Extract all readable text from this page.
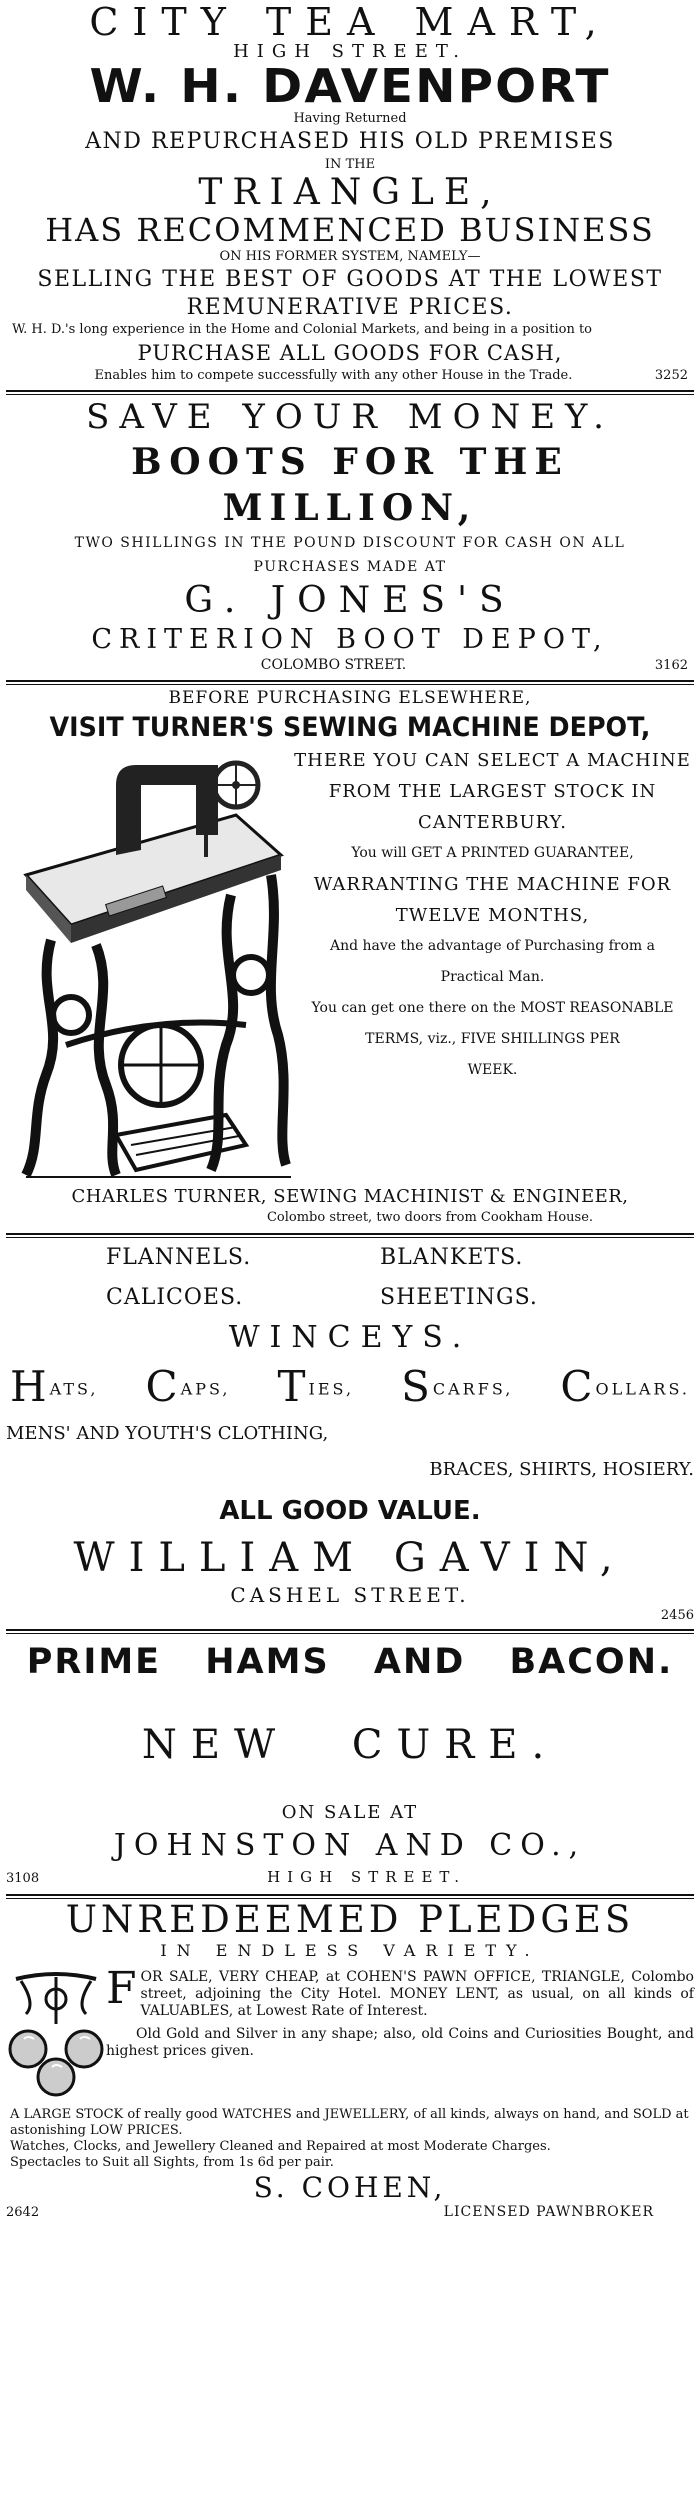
CITY TEA MART,
HIGH STREET.
W. H. DAVENPORT
Having Returned
AND REPURCHASED HIS OLD PREMISES
IN THE
TRIANGLE,
HAS RECOMMENCED BUSINESS
ON HIS FORMER SYSTEM, NAMELY—
SELLING THE BEST OF GOODS AT THE LOWEST
REMUNERATIVE PRICES.
W. H. D.'s long experience in the Home and Colonial Markets, and being in a position to
PURCHASE ALL GOODS FOR CASH,
Enables him to compete successfully with any other House in the Trade.	3252
SAVE YOUR MONEY.
BOOTS FOR THE MILLION,
TWO SHILLINGS IN THE POUND DISCOUNT FOR CASH ON ALL
PURCHASES MADE AT
G. JONES'S
CRITERION BOOT DEPOT,
COLOMBO STREET.	3162
BEFORE PURCHASING ELSEWHERE,
VISIT TURNER'S SEWING MACHINE DEPOT,
THERE YOU CAN SELECT A MACHINE
FROM THE LARGEST STOCK IN
CANTERBURY.
You will GET A PRINTED GUARANTEE,
WARRANTING THE MACHINE FOR
TWELVE MONTHS,
And have the advantage of Purchasing from a
Practical Man.
You can get one there on the MOST REASONABLE
TERMS, viz., FIVE SHILLINGS PER
WEEK.
CHARLES TURNER, SEWING MACHINIST & ENGINEER,
Colombo street, two doors from Cookham House.
FLANNELS.	BLANKETS.
CALICOES.	SHEETINGS.
WINCEYS.
HATS, CAPS, TIES, SCARFS, COLLARS.
MENS' AND YOUTH'S CLOTHING,
BRACES, SHIRTS, HOSIERY.
ALL GOOD VALUE.
WILLIAM GAVIN,
CASHEL STREET.
2456
PRIME HAMS AND BACON.
NEW CURE.
ON SALE AT
JOHNSTON AND CO.,
3108	HIGH STREET.
UNREDEEMED PLEDGES
IN ENDLESS VARIETY.
FOR SALE, VERY CHEAP, at COHEN'S PAWN OFFICE, TRIANGLE, Colombo street, adjoining the City Hotel. MONEY LENT, as usual, on all kinds of VALUABLES, at Lowest Rate of Interest.
Old Gold and Silver in any shape; also, old Coins and Curiosities Bought, and highest prices given.
A LARGE STOCK of really good WATCHES and JEWELLERY, of all kinds, always on hand, and SOLD at astonishing LOW PRICES.
Watches, Clocks, and Jewellery Cleaned and Repaired at most Moderate Charges.
Spectacles to Suit all Sights, from 1s 6d per pair.
S. COHEN,
2642	LICENSED PAWNBROKER
